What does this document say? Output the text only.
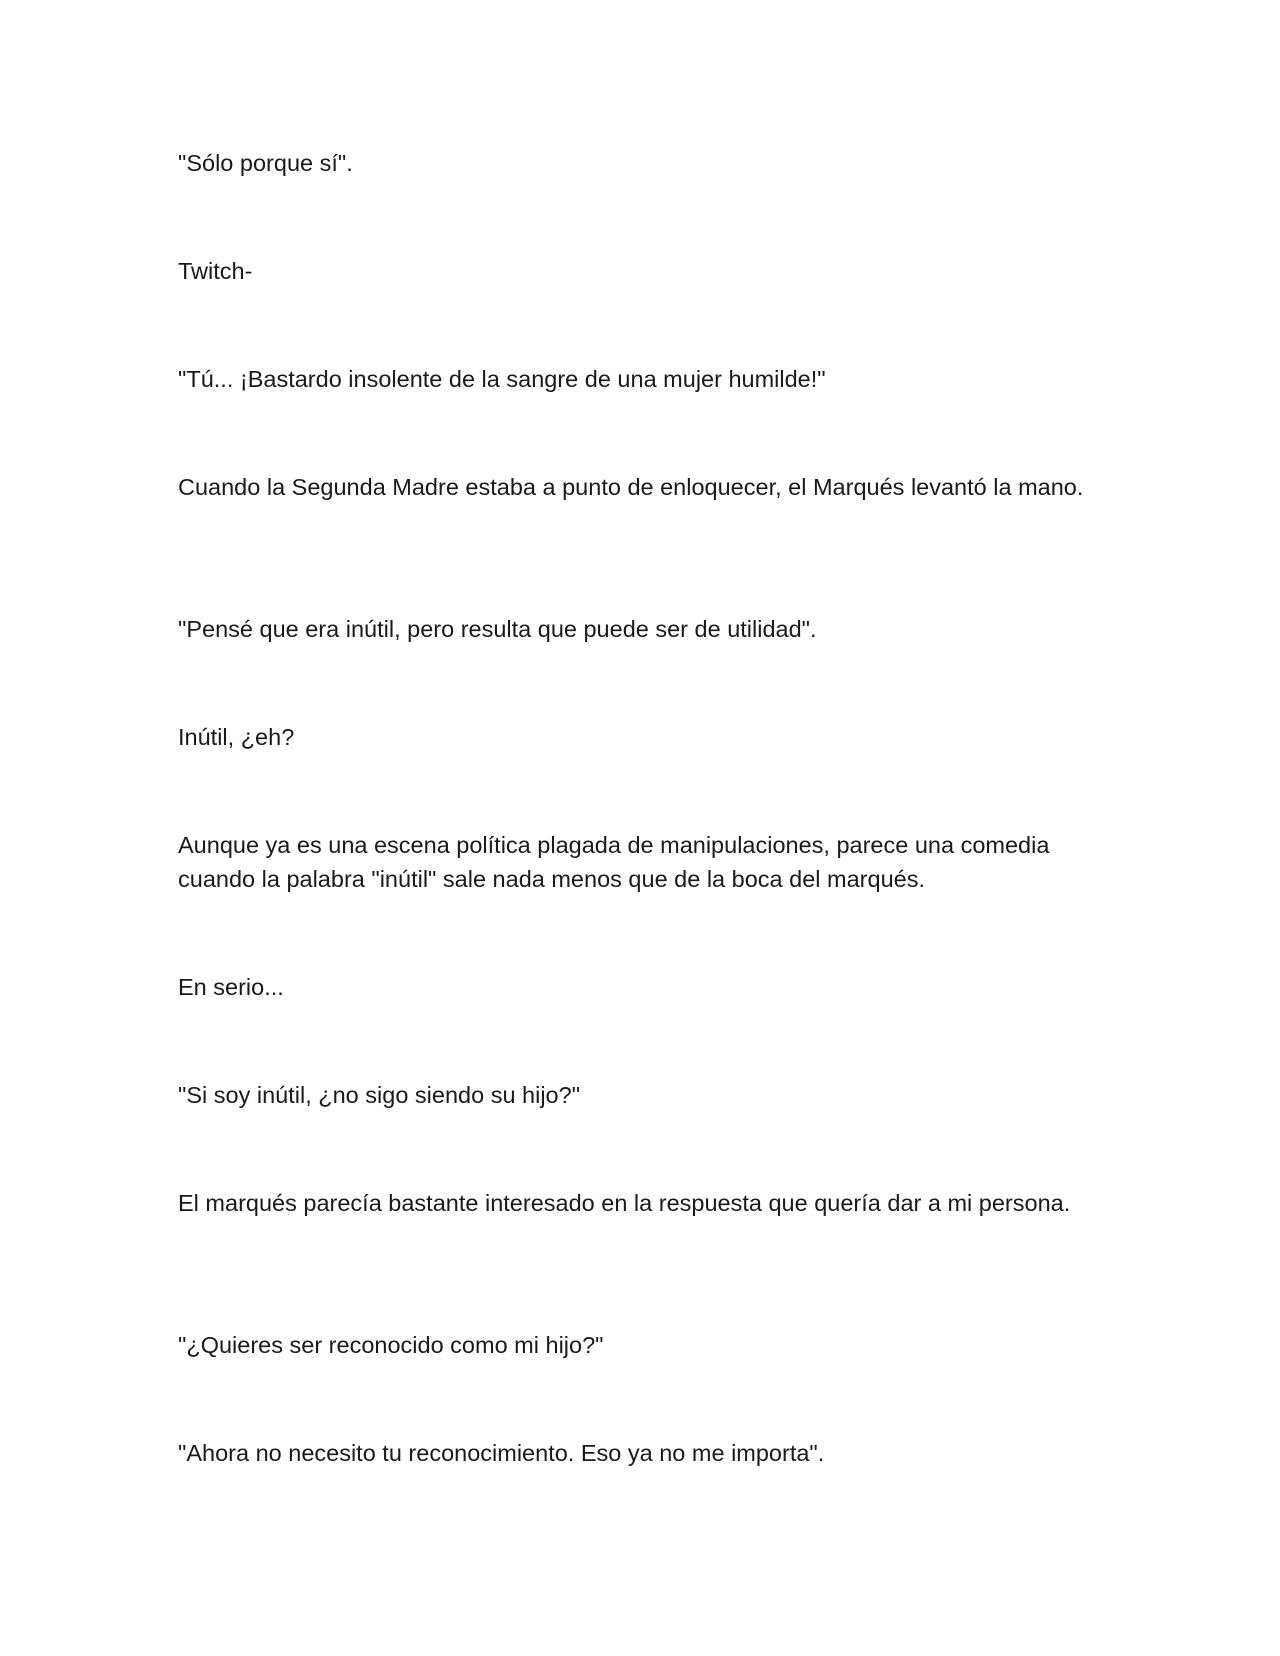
"Sólo porque sí".

Twitch-

"Tú... ¡Bastardo insolente de la sangre de una mujer humilde!"

Cuando la Segunda Madre estaba a punto de enloquecer, el Marqués levantó la mano.

"Pensé que era inútil, pero resulta que puede ser de utilidad".

Inútil, ¿eh?

Aunque ya es una escena política plagada de manipulaciones, parece una comedia cuando la palabra "inútil" sale nada menos que de la boca del marqués.

En serio...

"Si soy inútil, ¿no sigo siendo su hijo?"

El marqués parecía bastante interesado en la respuesta que quería dar a mi persona.

"¿Quieres ser reconocido como mi hijo?"

"Ahora no necesito tu reconocimiento. Eso ya no me importa".
